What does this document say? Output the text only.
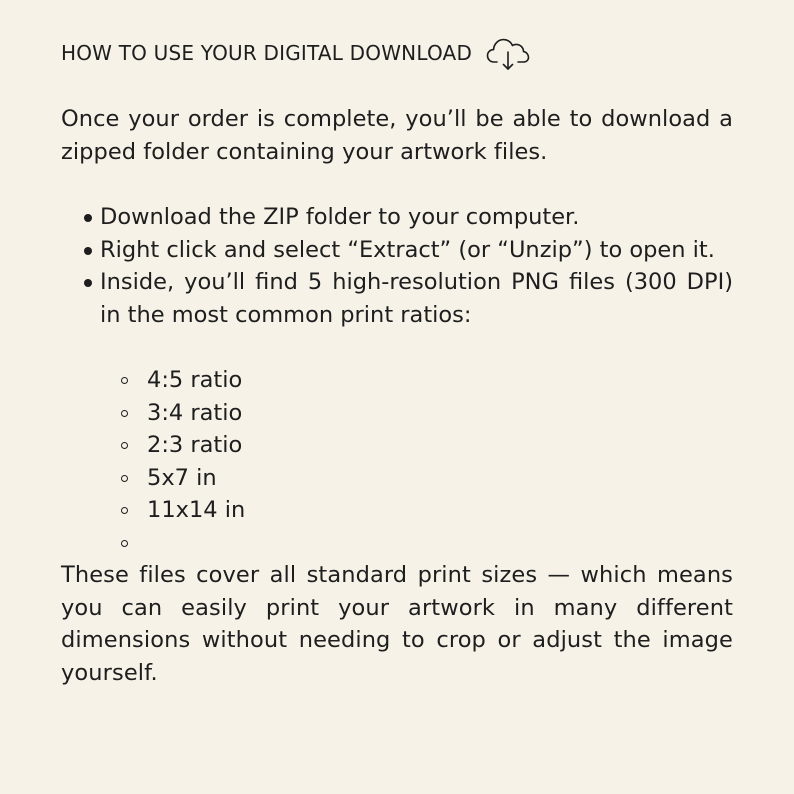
HOW TO USE YOUR DIGITAL DOWNLOAD

Once your order is complete, you’ll be able to download a zipped folder containing your artwork files.

Download the ZIP folder to your computer.
Right click and select “Extract” (or “Unzip”) to open it.
Inside, you’ll find 5 high-resolution PNG files (300 DPI) in the most common print ratios:
4:5 ratio
3:4 ratio
2:3 ratio
5x7 in
11x14 in

These files cover all standard print sizes — which means you can easily print your artwork in many different dimensions without needing to crop or adjust the image yourself.
